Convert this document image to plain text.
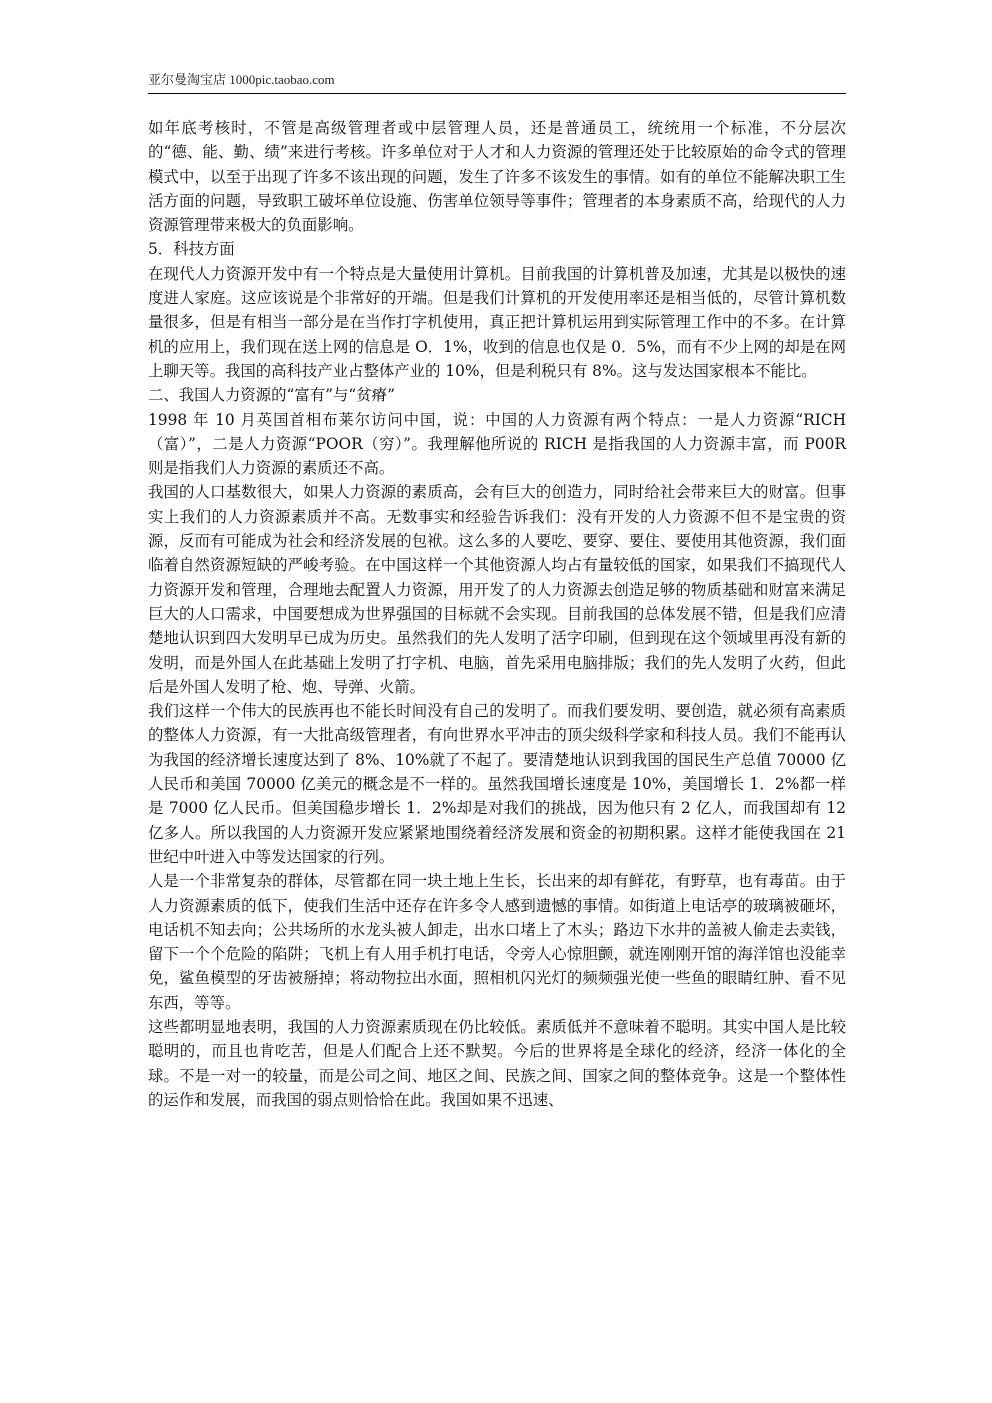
亚尔曼淘宝店 1000pic.taobao.com

如年底考核时，不管是高级管理者或中层管理人员，还是普通员工，统统用一个标准，不分层次的“德、能、勤、绩”来进行考核。许多单位对于人才和人力资源的管理还处于比较原始的命令式的管理模式中，以至于出现了许多不该出现的问题，发生了许多不该发生的事情。如有的单位不能解决职工生活方面的问题，导致职工破坏单位设施、伤害单位领导等事件；管理者的本身素质不高，给现代的人力资源管理带来极大的负面影响。

5．科技方面

在现代人力资源开发中有一个特点是大量使用计算机。目前我国的计算机普及加速，尤其是以极快的速度进人家庭。这应该说是个非常好的开端。但是我们计算机的开发使用率还是相当低的，尽管计算机数量很多，但是有相当一部分是在当作打字机使用，真正把计算机运用到实际管理工作中的不多。在计算机的应用上，我们现在送上网的信息是 O．1%，收到的信息也仅是 0．5%，而有不少上网的却是在网上聊天等。我国的高科技产业占整体产业的 10%，但是利税只有 8%。这与发达国家根本不能比。

二、我国人力资源的“富有”与“贫瘠”

1998 年 10 月英国首相布莱尔访问中国，说：中国的人力资源有两个特点：一是人力资源“RICH（富）”，二是人力资源“POOR（穷）”。我理解他所说的 RICH 是指我国的人力资源丰富，而 P00R 则是指我们人力资源的素质还不高。

我国的人口基数很大，如果人力资源的素质高，会有巨大的创造力，同时给社会带来巨大的财富。但事实上我们的人力资源素质并不高。无数事实和经验告诉我们：没有开发的人力资源不但不是宝贵的资源，反而有可能成为社会和经济发展的包袱。这么多的人要吃、要穿、要住、要使用其他资源，我们面临着自然资源短缺的严峻考验。在中国这样一个其他资源人均占有量较低的国家，如果我们不搞现代人力资源开发和管理，合理地去配置人力资源，用开发了的人力资源去创造足够的物质基础和财富来满足巨大的人口需求，中国要想成为世界强国的目标就不会实现。目前我国的总体发展不错，但是我们应清楚地认识到四大发明早已成为历史。虽然我们的先人发明了活字印刷，但到现在这个领域里再没有新的发明，而是外国人在此基础上发明了打字机、电脑，首先采用电脑排版；我们的先人发明了火药，但此后是外国人发明了枪、炮、导弹、火箭。

我们这样一个伟大的民族再也不能长时间没有自己的发明了。而我们要发明、要创造，就必须有高素质的整体人力资源，有一大批高级管理者，有向世界水平冲击的顶尖级科学家和科技人员。我们不能再认为我国的经济增长速度达到了 8%、10%就了不起了。要清楚地认识到我国的国民生产总值 70000 亿人民币和美国 70000 亿美元的概念是不一样的。虽然我国增长速度是 10%，美国增长 1．2%都一样是 7000 亿人民币。但美国稳步增长 1．2%却是对我们的挑战，因为他只有 2 亿人，而我国却有 12 亿多人。所以我国的人力资源开发应紧紧地围绕着经济发展和资金的初期积累。这样才能使我国在 21 世纪中叶进入中等发达国家的行列。

人是一个非常复杂的群体，尽管都在同一块土地上生长，长出来的却有鲜花，有野草，也有毒苗。由于人力资源素质的低下，使我们生活中还存在许多令人感到遗憾的事情。如街道上电话亭的玻璃被砸坏，电话机不知去向；公共场所的水龙头被人卸走，出水口堵上了木头；路边下水井的盖被人偷走去卖钱，留下一个个危险的陷阱；飞机上有人用手机打电话，令旁人心惊胆颤，就连刚刚开馆的海洋馆也没能幸免，鲨鱼模型的牙齿被掰掉；将动物拉出水面，照相机闪光灯的频频强光使一些鱼的眼睛红肿、看不见东西，等等。

这些都明显地表明，我国的人力资源素质现在仍比较低。素质低并不意味着不聪明。其实中国人是比较聪明的，而且也肯吃苦，但是人们配合上还不默契。今后的世界将是全球化的经济，经济一体化的全球。不是一对一的较量，而是公司之间、地区之间、民族之间、国家之间的整体竞争。这是一个整体性的运作和发展，而我国的弱点则恰恰在此。我国如果不迅速、
